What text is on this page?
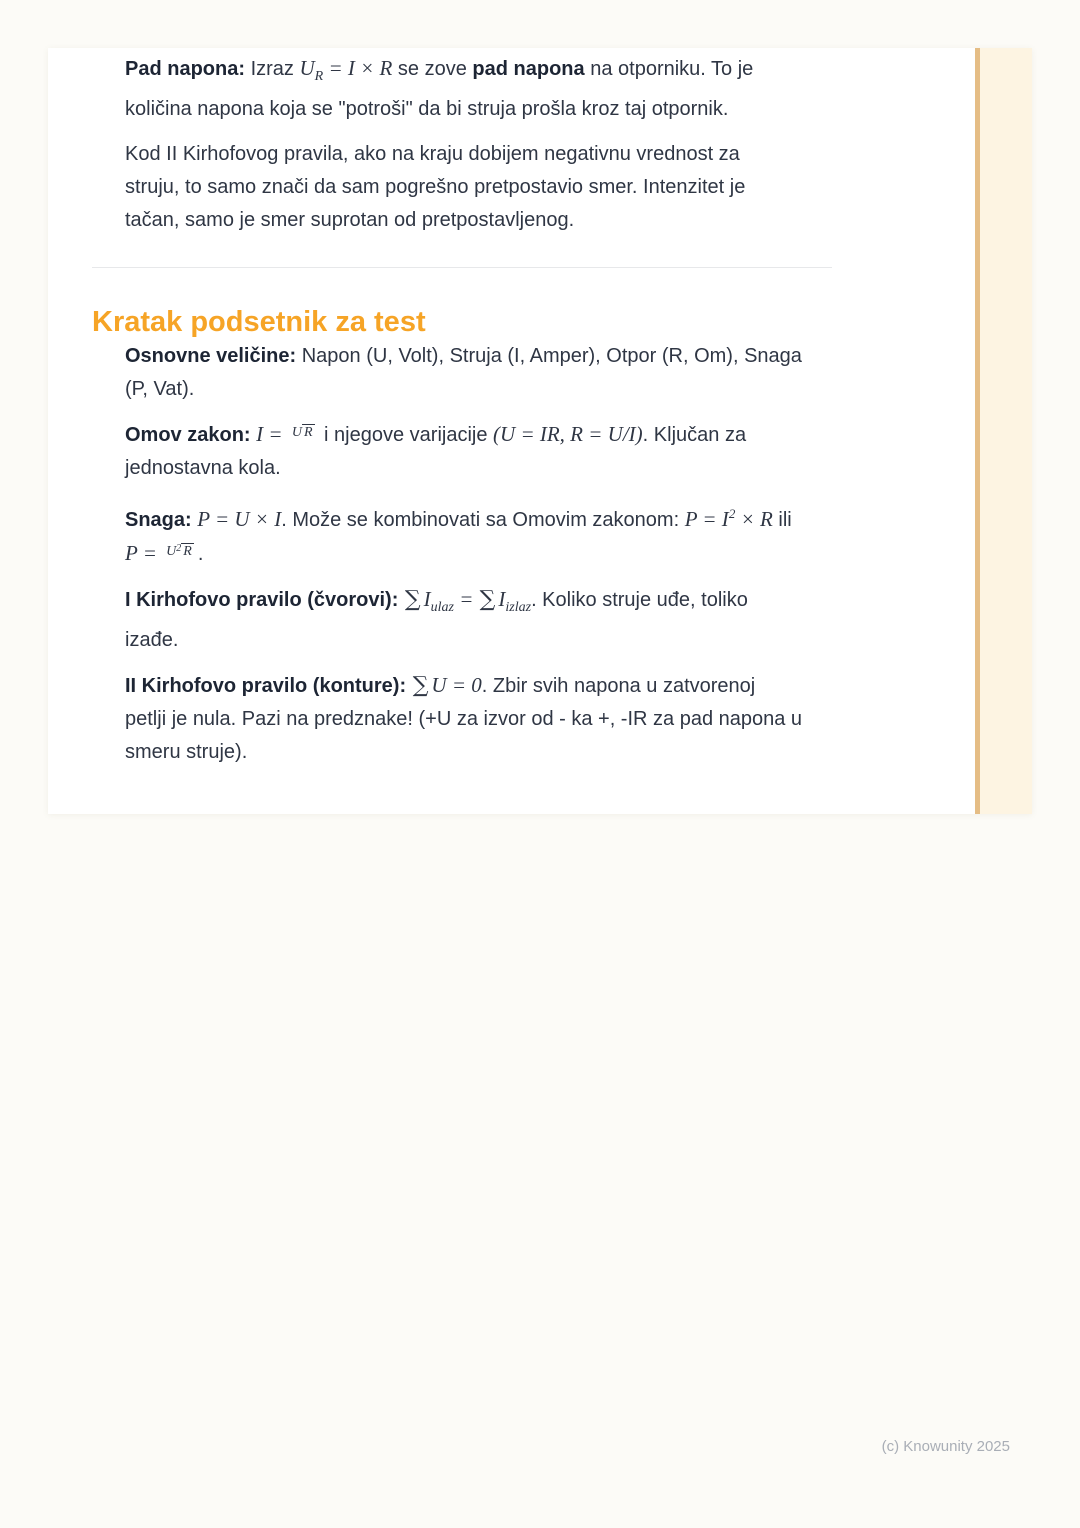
Pad napona: Izraz $U_R = I \times R$ se zove pad napona na otporniku. To je
količina napona koja se "potroši" da bi struja prošla kroz taj otpornik.
Kod II Kirhofovog pravila, ako na kraju dobijem negativnu vrednost za
struju, to samo znači da sam pogrešno pretpostavio smer. Intenzitet je
tačan, samo je smer suprotan od pretpostavljenog.
Kratak podsetnik za test
Osnovne veličine: Napon (U, Volt), Struja (I, Amper), Otpor (R, Om), Snaga
(P, Vat).
Omov zakon: I = U R i njegove varijacije (U = IR, R = U/I). Ključan za
jednostavna kola.
Snaga: P = U × I. Može se kombinovati sa Omovim zakonom: $P = I^2 \times R$ ili
$P = U^2$ R .
I Kirhofovo pravilo (čvorovi): ∑ $I_{ulaz}$ = ∑ $I_{izlaz}$. Koliko struje uđe, toliko
izađe.
II Kirhofovo pravilo (konture): ∑ U = 0. Zbir svih napona u zatvorenoj
petlji je nula. Pazi na predznake! (+U za izvor od - ka +, -IR za pad napona u
smeru struje).
(c) Knowunity 2025
